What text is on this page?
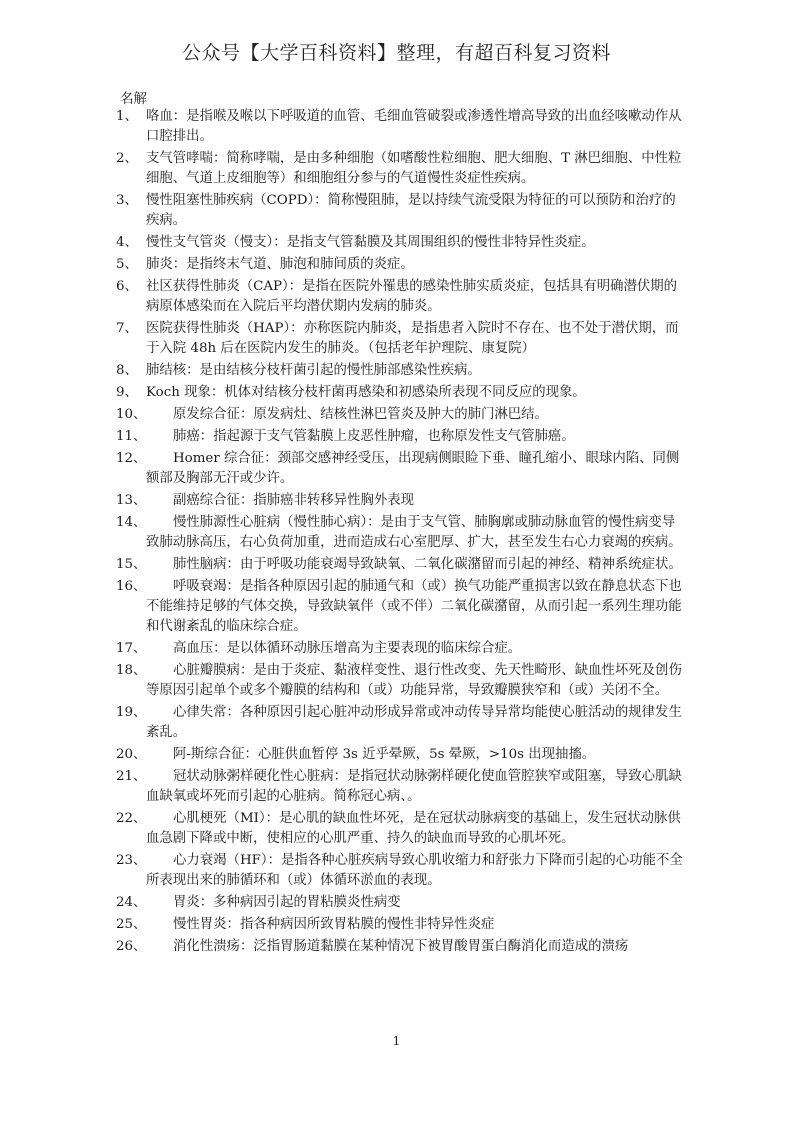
公众号【大学百科资料】整理，有超百科复习资料
名解
1、 咯血：是指喉及喉以下呼吸道的血管、毛细血管破裂或渗透性增高导致的出血经咳嗽动作从口腔排出。
2、 支气管哮喘：简称哮喘，是由多种细胞（如嗜酸性粒细胞、肥大细胞、T 淋巴细胞、中性粒细胞、气道上皮细胞等）和细胞组分参与的气道慢性炎症性疾病。
3、 慢性阻塞性肺疾病（COPD）：简称慢阻肺，是以持续气流受限为特征的可以预防和治疗的疾病。
4、 慢性支气管炎（慢支）：是指支气管黏膜及其周围组织的慢性非特异性炎症。
5、 肺炎：是指终末气道、肺泡和肺间质的炎症。
6、 社区获得性肺炎（CAP）：是指在医院外罹患的感染性肺实质炎症，包括具有明确潜伏期的病原体感染而在入院后平均潜伏期内发病的肺炎。
7、 医院获得性肺炎（HAP）：亦称医院内肺炎，是指患者入院时不存在、也不处于潜伏期，而于入院 48h 后在医院内发生的肺炎。（包括老年护理院、康复院）
8、 肺结核：是由结核分枝杆菌引起的慢性肺部感染性疾病。
9、 Koch 现象：机体对结核分枝杆菌再感染和初感染所表现不同反应的现象。
10、 原发综合征：原发病灶、结核性淋巴管炎及肿大的肺门淋巴结。
11、 肺癌：指起源于支气管黏膜上皮恶性肿瘤，也称原发性支气管肺癌。
12、 Homer 综合征：颈部交感神经受压，出现病侧眼睑下垂、瞳孔缩小、眼球内陷、同侧额部及胸部无汗或少许。
13、 副癌综合征：指肺癌非转移异性胸外表现
14、 慢性肺源性心脏病（慢性肺心病）：是由于支气管、肺胸廓或肺动脉血管的慢性病变导致肺动脉高压，右心负荷加重，进而造成右心室肥厚、扩大，甚至发生右心力衰竭的疾病。
15、 肺性脑病：由于呼吸功能衰竭导致缺氧、二氧化碳潴留而引起的神经、精神系统症状。
16、 呼吸衰竭：是指各种原因引起的肺通气和（或）换气功能严重损害以致在静息状态下也不能维持足够的气体交换，导致缺氧伴（或不伴）二氧化碳潴留，从而引起一系列生理功能和代谢紊乱的临床综合症。
17、 高血压：是以体循环动脉压增高为主要表现的临床综合症。
18、 心脏瓣膜病：是由于炎症、黏液样变性、退行性改变、先天性畸形、缺血性坏死及创伤等原因引起单个或多个瓣膜的结构和（或）功能异常，导致瓣膜狭窄和（或）关闭不全。
19、 心律失常：各种原因引起心脏冲动形成异常或冲动传导异常均能使心脏活动的规律发生紊乱。
20、 阿-斯综合征：心脏供血暂停 3s 近乎晕厥，5s 晕厥，>10s 出现抽搐。
21、 冠状动脉粥样硬化性心脏病：是指冠状动脉粥样硬化使血管腔狭窄或阻塞，导致心肌缺血缺氧或坏死而引起的心脏病。简称冠心病、。
22、 心肌梗死（MI）：是心肌的缺血性坏死，是在冠状动脉病变的基础上，发生冠状动脉供血急剧下降或中断，使相应的心肌严重、持久的缺血而导致的心肌坏死。
23、 心力衰竭（HF）：是指各种心脏疾病导致心肌收缩力和舒张力下降而引起的心功能不全所表现出来的肺循环和（或）体循环淤血的表现。
24、 胃炎：多种病因引起的胃粘膜炎性病变
25、 慢性胃炎：指各种病因所致胃粘膜的慢性非特异性炎症
26、 消化性溃疡：泛指胃肠道黏膜在某种情况下被胃酸胃蛋白酶消化而造成的溃疡
1
